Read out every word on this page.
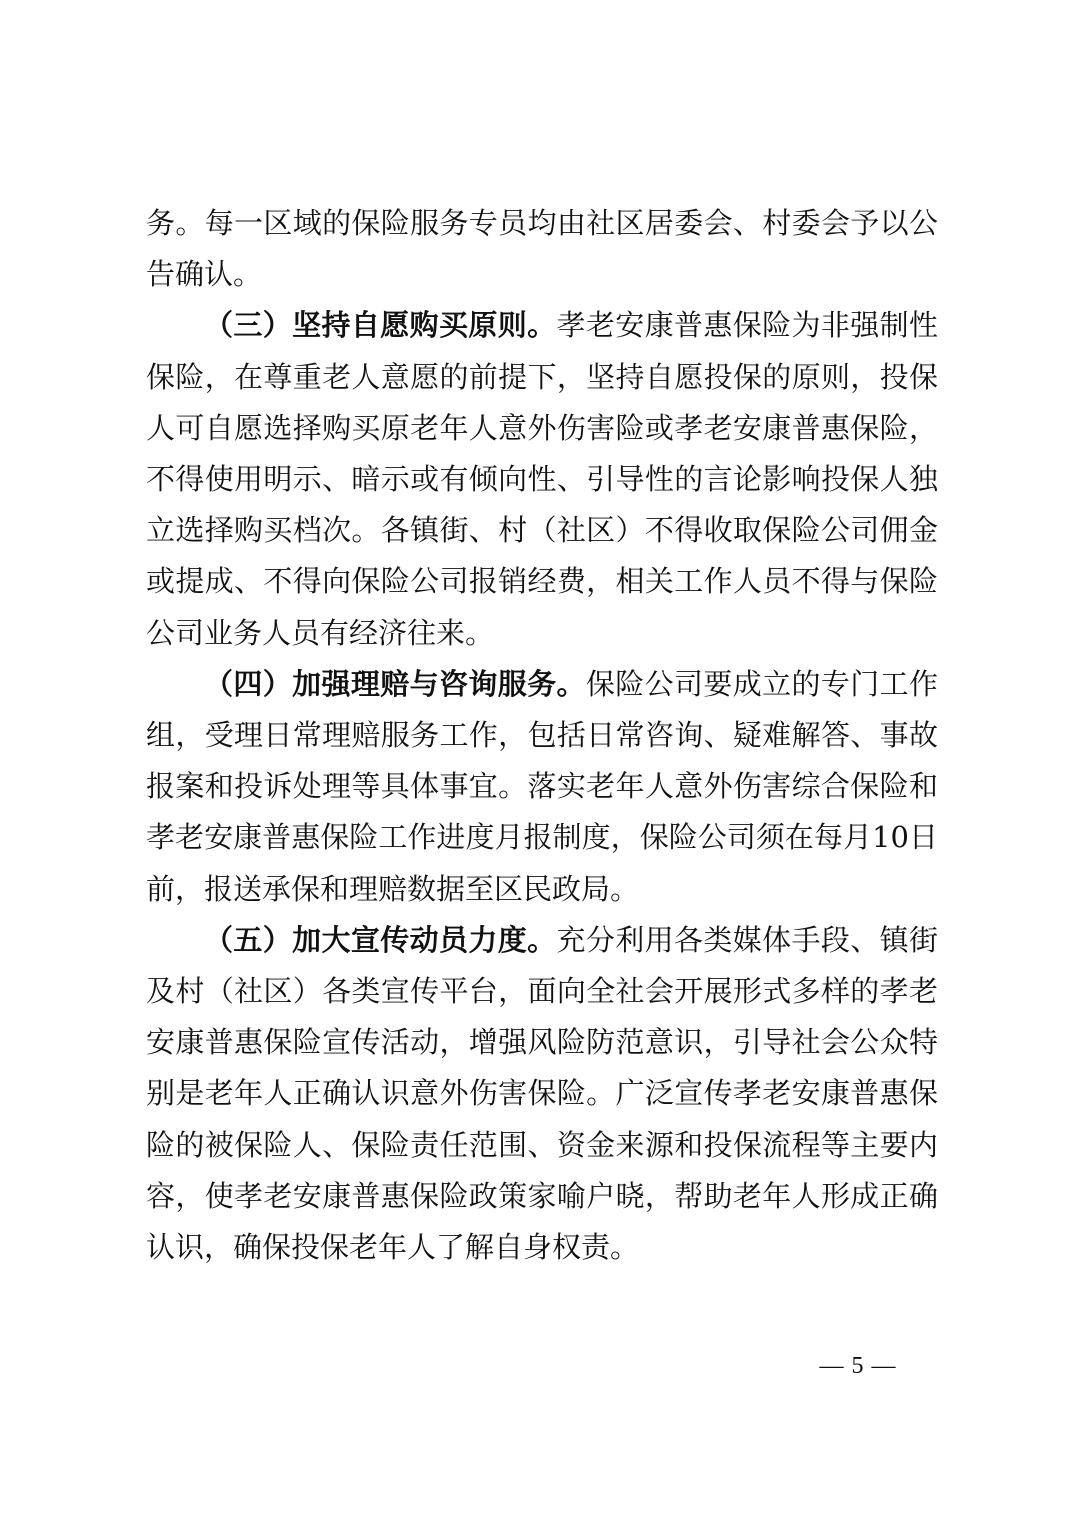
务。每一区域的保险服务专员均由社区居委会、村委会予以公告确认。

（三）坚持自愿购买原则。孝老安康普惠保险为非强制性保险，在尊重老人意愿的前提下，坚持自愿投保的原则，投保人可自愿选择购买原老年人意外伤害险或孝老安康普惠保险，不得使用明示、暗示或有倾向性、引导性的言论影响投保人独立选择购买档次。各镇街、村（社区）不得收取保险公司佣金或提成、不得向保险公司报销经费，相关工作人员不得与保险公司业务人员有经济往来。

（四）加强理赔与咨询服务。保险公司要成立的专门工作组，受理日常理赔服务工作，包括日常咨询、疑难解答、事故报案和投诉处理等具体事宜。落实老年人意外伤害综合保险和孝老安康普惠保险工作进度月报制度，保险公司须在每月10日前，报送承保和理赔数据至区民政局。

（五）加大宣传动员力度。充分利用各类媒体手段、镇街及村（社区）各类宣传平台，面向全社会开展形式多样的孝老安康普惠保险宣传活动，增强风险防范意识，引导社会公众特别是老年人正确认识意外伤害保险。广泛宣传孝老安康普惠保险的被保险人、保险责任范围、资金来源和投保流程等主要内容，使孝老安康普惠保险政策家喻户晓，帮助老年人形成正确认识，确保投保老年人了解自身权责。

— 5 —
